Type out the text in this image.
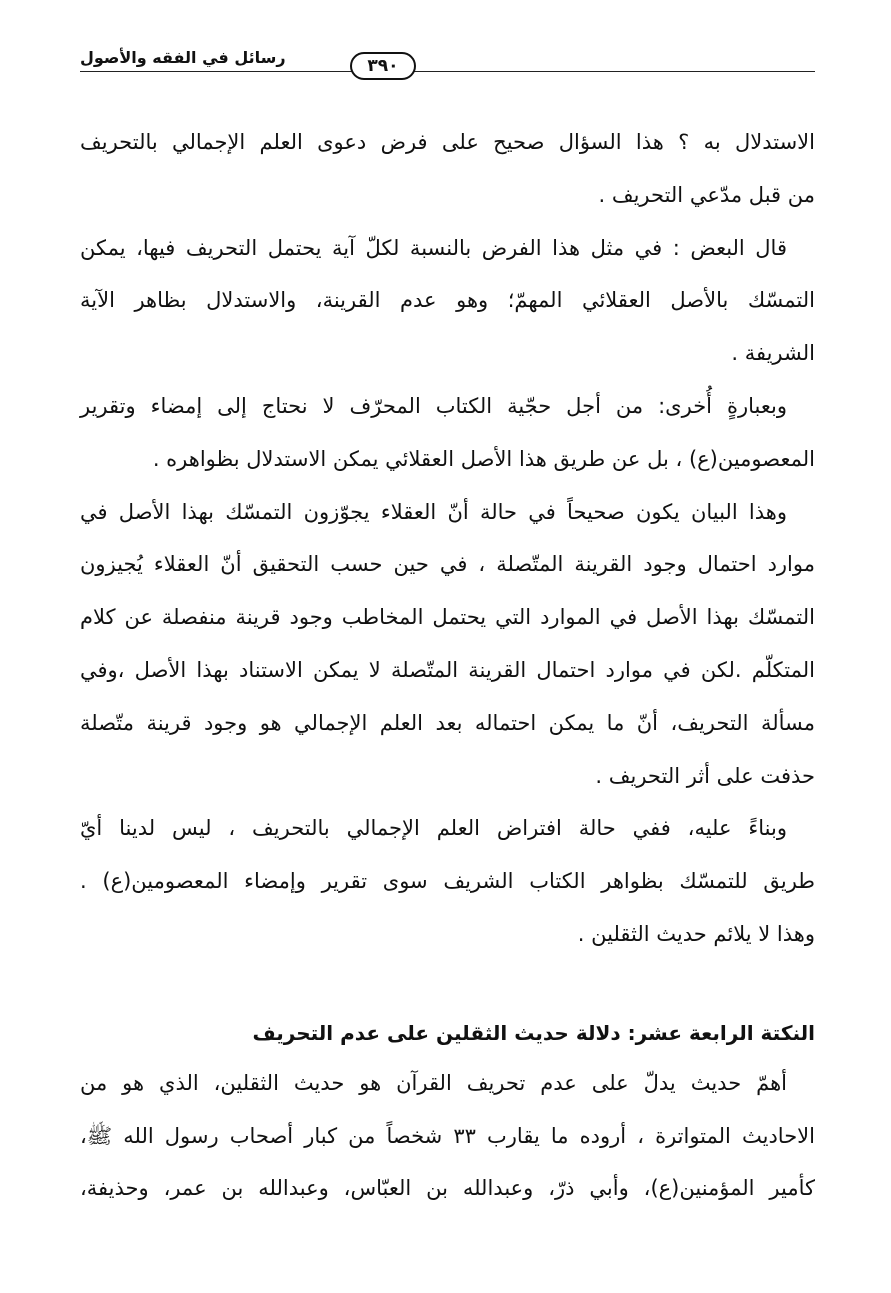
٣٩٠
رسائل في الفقه والأصول
الاستدلال به ؟ هذا السؤال صحيح على فرض دعوى العلم الإجمالي بالتحريف
من قبل مدّعي التحريف .
قال البعض : في مثل هذا الفرض بالنسبة لكلّ آية يحتمل التحريف فيها، يمكن
التمسّك بالأصل العقلائي المهمّ؛ وهو عدم القرينة، والاستدلال بظاهر الآية
الشريفة .
وبعبارةٍ أُخرى: من أجل حجّية الكتاب المحرّف لا نحتاج إلى إمضاء وتقرير
المعصومين(ع) ، بل عن طريق هذا الأصل العقلائي يمكن الاستدلال بظواهره .
وهذا البيان يكون صحيحاً في حالة أنّ العقلاء يجوّزون التمسّك بهذا الأصل في
موارد احتمال وجود القرينة المتّصلة ، في حين حسب التحقيق أنّ العقلاء يُجيزون
التمسّك بهذا الأصل في الموارد التي يحتمل المخاطب وجود قرينة منفصلة عن كلام
المتكلّم .لكن في موارد احتمال القرينة المتّصلة لا يمكن الاستناد بهذا الأصل ،وفي
مسألة التحريف، أنّ ما يمكن احتماله بعد العلم الإجمالي هو وجود قرينة متّصلة
حذفت على أثر التحريف .
وبناءً عليه، ففي حالة افتراض العلم الإجمالي بالتحريف ، ليس لدينا أيّ
طريق للتمسّك بظواهر الكتاب الشريف سوى تقرير وإمضاء المعصومين(ع) .
وهذا لا يلائم حديث الثقلين .
النكتة الرابعة عشر: دلالة حديث الثقلين على عدم التحريف
أهمّ حديث يدلّ على عدم تحريف القرآن هو حديث الثقلين، الذي هو من
الاحاديث المتواترة ، أروده ما يقارب ٣٣ شخصاً من كبار أصحاب رسول الله ﷺ،
كأمير المؤمنين(ع)، وأبي ذرّ، وعبدالله بن العبّاس، وعبدالله بن عمر، وحذيفة،
